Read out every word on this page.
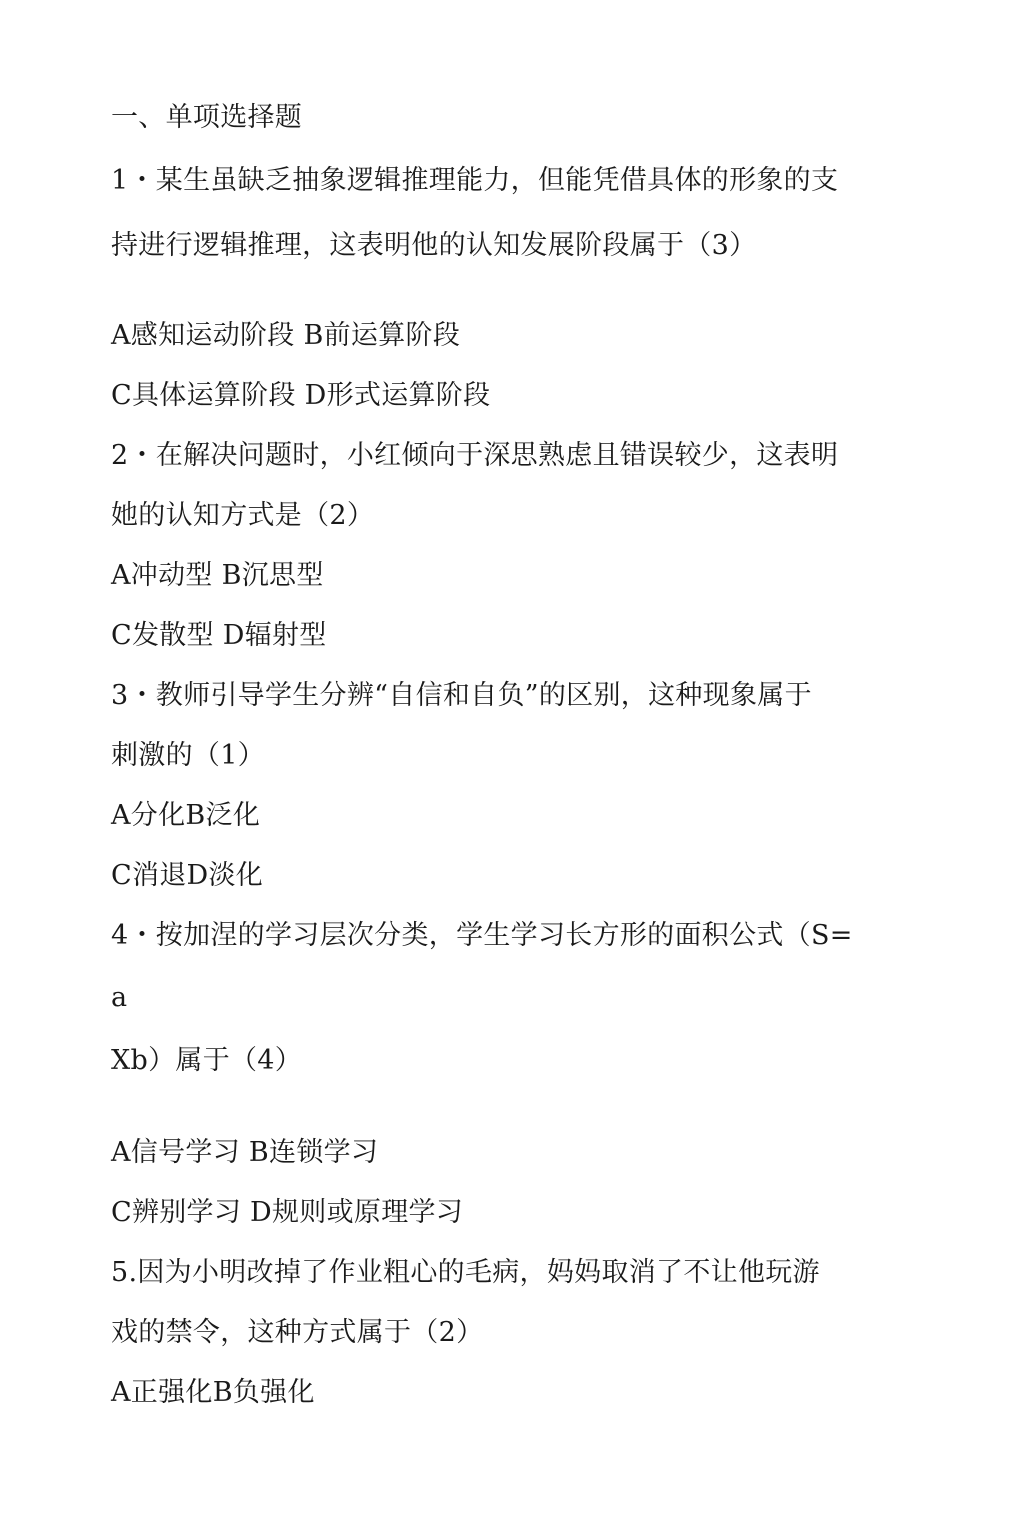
一、单项选择题
1・某生虽缺乏抽象逻辑推理能力，但能凭借具体的形象的支
持进行逻辑推理，这表明他的认知发展阶段属于（3）
A感知运动阶段 B前运算阶段
C具体运算阶段 D形式运算阶段
2・在解决问题时，小红倾向于深思熟虑且错误较少，这表明
她的认知方式是（2）
A冲动型 B沉思型
C发散型 D辐射型
3・教师引导学生分辨“自信和自负”的区别，这种现象属于
刺激的（1）
A分化B泛化
C消退D淡化
4・按加涅的学习层次分类，学生学习长方形的面积公式（S=
a
Xb）属于（4）
A信号学习 B连锁学习
C辨别学习 D规则或原理学习
5.因为小明改掉了作业粗心的毛病，妈妈取消了不让他玩游
戏的禁令，这种方式属于（2）
A正强化B负强化
